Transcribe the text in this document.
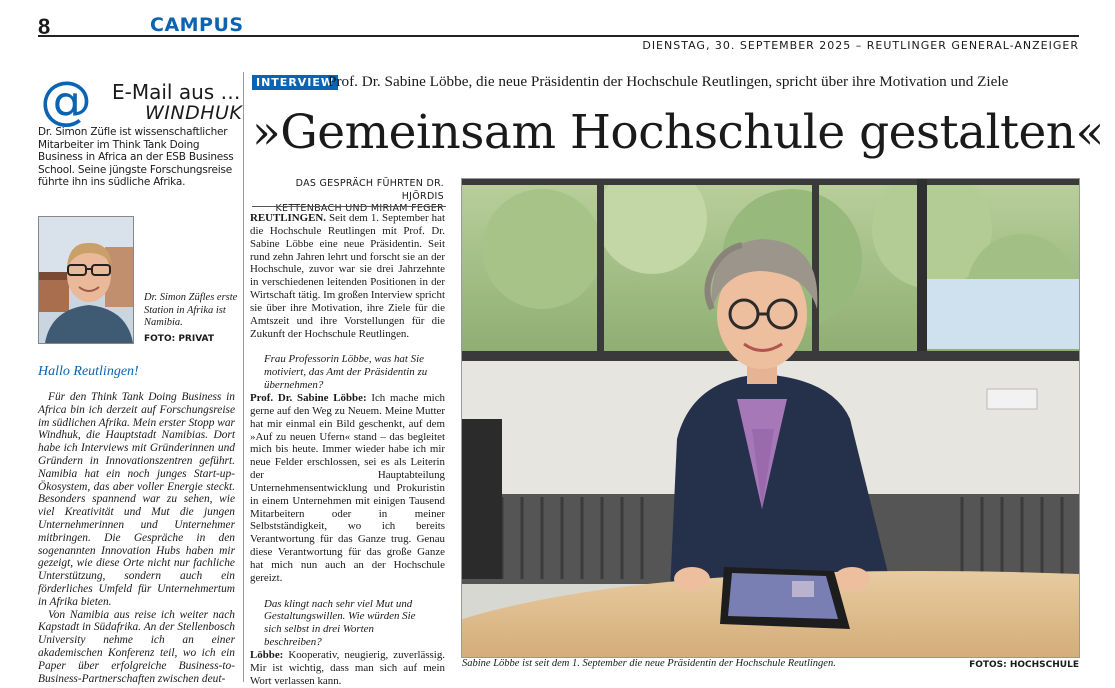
8	CAMPUS
DIENSTAG, 30. SEPTEMBER 2025 – REUTLINGER GENERAL-ANZEIGER
@ E-Mail aus …
WINDHUK
Dr. Simon Züfle ist wissenschaftlicher Mitarbeiter im Think Tank Doing Business in Africa an der ESB Business School. Seine jüngste Forschungsreise führte ihn ins südliche Afrika.
Dr. Simon Züfles erste Station in Afrika ist Namibia.
FOTO: PRIVAT
Hallo Reutlingen!

Für den Think Tank Doing Business in Africa bin ich derzeit auf Forschungsreise im südlichen Afrika. Mein erster Stopp war Windhuk, die Hauptstadt Namibias. Dort habe ich Interviews mit Gründerinnen und Gründern in Innovationszentren geführt. Namibia hat ein noch junges Start-up-Ökosystem, das aber voller Energie steckt. Besonders spannend war zu sehen, wie viel Kreativität und Mut die jungen Unternehmerinnen und Unternehmer mitbringen. Die Gespräche in den sogenannten Innovation Hubs haben mir gezeigt, wie diese Orte nicht nur fachliche Unterstützung, sondern auch ein förderliches Umfeld für Unternehmertum in Afrika bieten.

Von Namibia aus reise ich weiter nach Kapstadt in Südafrika. An der Stellenbosch University nehme ich an einer akademischen Konferenz teil, wo ich ein Paper über erfolgreiche Business-to-Business-Partnerschaften zwischen deut-

INTERVIEW
Prof. Dr. Sabine Löbbe, die neue Präsidentin der Hochschule Reutlingen, spricht über ihre Motivation und Ziele
»Gemeinsam Hochschule gestalten«
DAS GESPRÄCH FÜHRTEN DR. HJÖRDIS
KETTENBACH UND MIRIAM FEGER

REUTLINGEN. Seit dem 1. September hat die Hochschule Reutlingen mit Prof. Dr. Sabine Löbbe eine neue Präsidentin. Seit rund zehn Jahren lehrt und forscht sie an der Hochschule, zuvor war sie drei Jahrzehnte in verschiedenen leitenden Positionen in der Wirtschaft tätig. Im großen Interview spricht sie über ihre Motivation, ihre Ziele für die Amtszeit und ihre Vorstellungen für die Zukunft der Hochschule Reutlingen.

Frau Professorin Löbbe, was hat Sie motiviert, das Amt der Präsidentin zu übernehmen?

Prof. Dr. Sabine Löbbe: Ich mache mich gerne auf den Weg zu Neuem. Meine Mutter hat mir einmal ein Bild geschenkt, auf dem »Auf zu neuen Ufern« stand – das begleitet mich bis heute. Immer wieder habe ich mir neue Felder erschlossen, sei es als Leiterin der Hauptabteilung Unternehmensentwicklung und Prokuristin in einem Unternehmen mit einigen Tausend Mitarbeitern oder in meiner Selbstständigkeit, wo ich bereits Verantwortung für das Ganze trug. Genau diese Verantwortung für das große Ganze hat mich nun auch an der Hochschule gereizt.

Das klingt nach sehr viel Mut und Gestaltungswillen. Wie würden Sie sich selbst in drei Worten beschreiben?

Löbbe: Kooperativ, neugierig, zuverlässig. Mir ist wichtig, dass man sich auf mein Wort verlassen kann.

Sabine Löbbe ist seit dem 1. September die neue Präsidentin der Hochschule Reutlingen.	FOTOS: HOCHSCHULE
